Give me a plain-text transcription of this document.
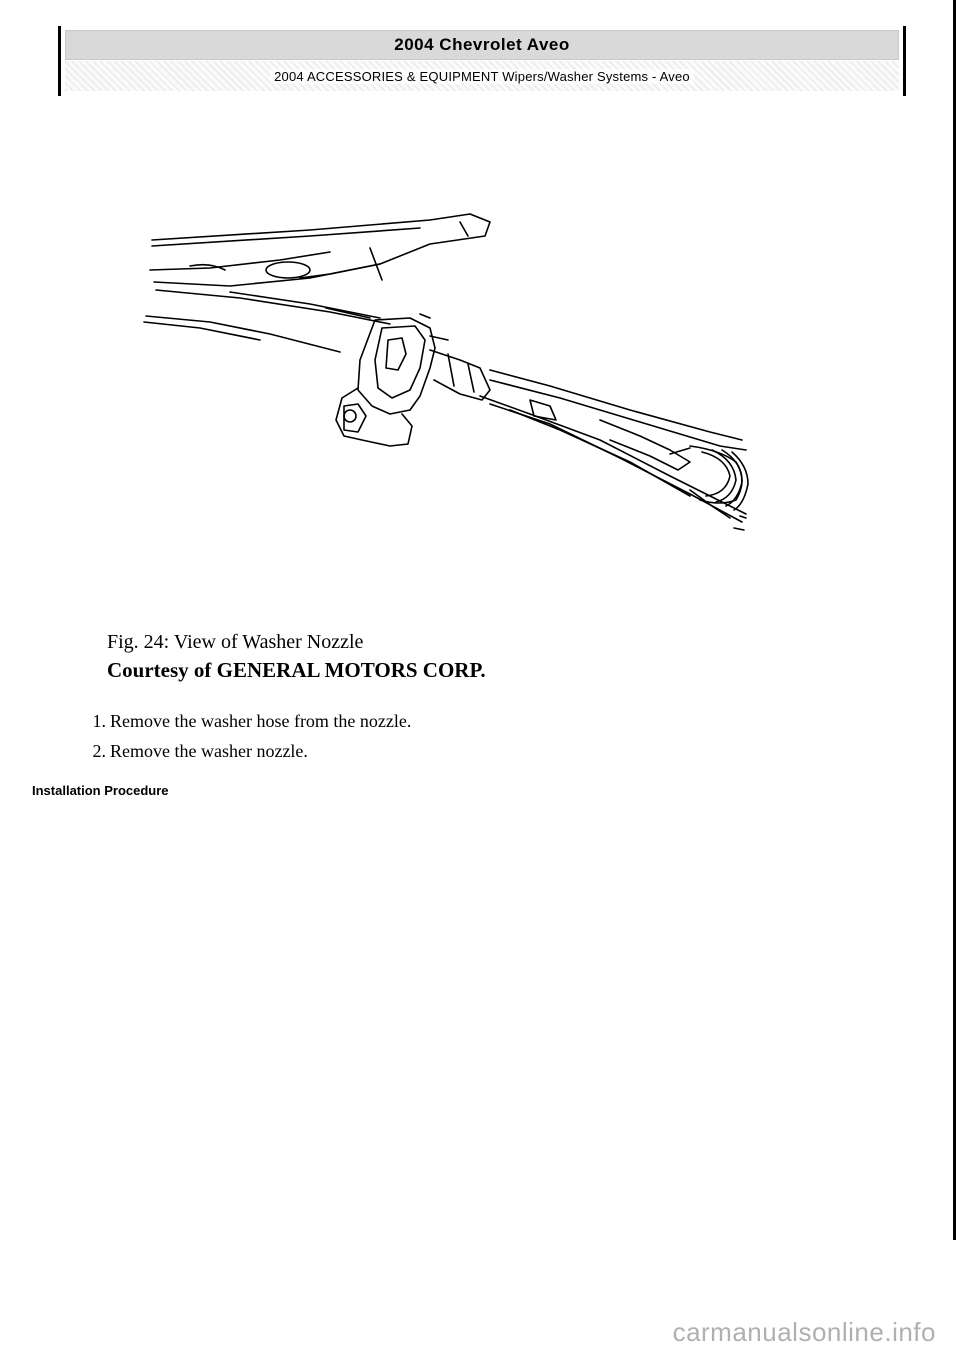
2004 Chevrolet Aveo
2004 ACCESSORIES & EQUIPMENT Wipers/Washer Systems - Aveo
Fig. 24: View of Washer Nozzle
Courtesy of GENERAL MOTORS CORP.
1. Remove the washer hose from the nozzle.
2. Remove the washer nozzle.
Installation Procedure
carmanualsonline.info
